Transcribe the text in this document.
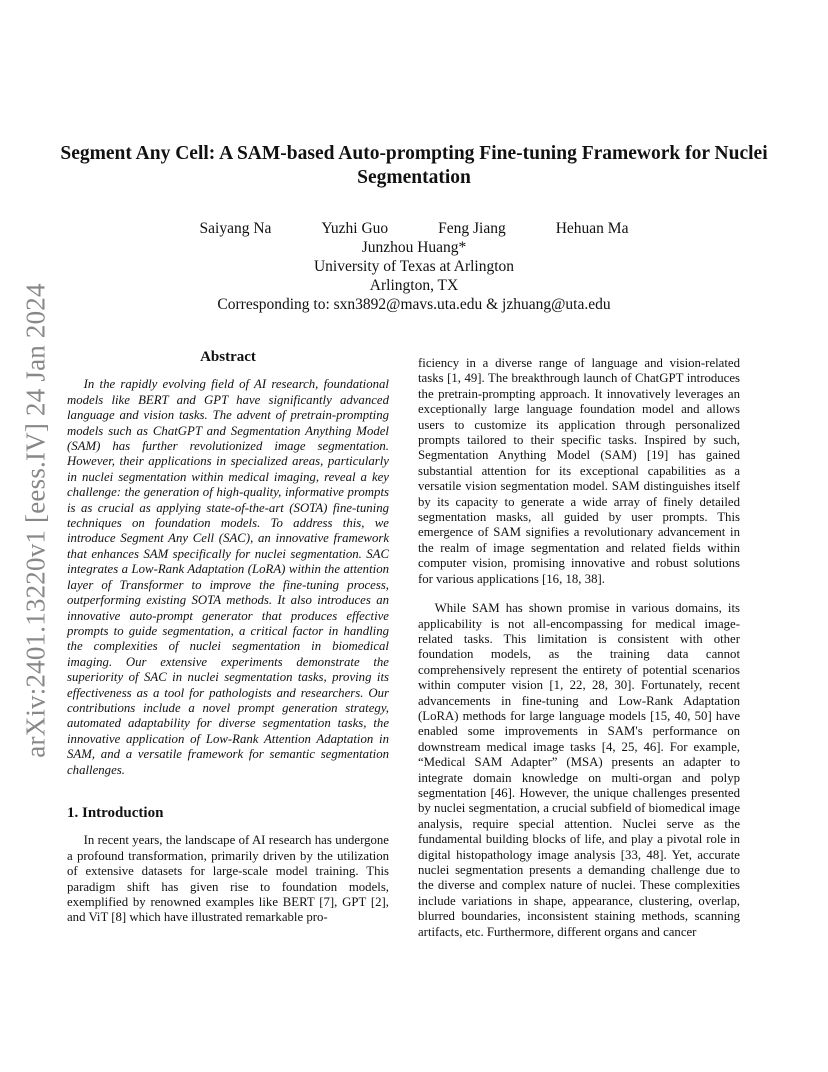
arXiv:2401.13220v1 [eess.IV] 24 Jan 2024
Segment Any Cell: A SAM-based Auto-prompting Fine-tuning Framework for Nuclei Segmentation
Saiyang Na	Yuzhi Guo	Feng Jiang	Hehuan Ma
Junzhou Huang*
University of Texas at Arlington
Arlington, TX
Corresponding to: sxn3892@mavs.uta.edu & jzhuang@uta.edu
Abstract

In the rapidly evolving field of AI research, foundational models like BERT and GPT have significantly advanced language and vision tasks. The advent of pretrain-prompting models such as ChatGPT and Segmentation Anything Model (SAM) has further revolutionized image segmentation. However, their applications in specialized areas, particularly in nuclei segmentation within medical imaging, reveal a key challenge: the generation of high-quality, informative prompts is as crucial as applying state-of-the-art (SOTA) fine-tuning techniques on foundation models. To address this, we introduce Segment Any Cell (SAC), an innovative framework that enhances SAM specifically for nuclei segmentation. SAC integrates a Low-Rank Adaptation (LoRA) within the attention layer of Transformer to improve the fine-tuning process, outperforming existing SOTA methods. It also introduces an innovative auto-prompt generator that produces effective prompts to guide segmentation, a critical factor in handling the complexities of nuclei segmentation in biomedical imaging. Our extensive experiments demonstrate the superiority of SAC in nuclei segmentation tasks, proving its effectiveness as a tool for pathologists and researchers. Our contributions include a novel prompt generation strategy, automated adaptability for diverse segmentation tasks, the innovative application of Low-Rank Attention Adaptation in SAM, and a versatile framework for semantic segmentation challenges.

1. Introduction

In recent years, the landscape of AI research has undergone a profound transformation, primarily driven by the utilization of extensive datasets for large-scale model training. This paradigm shift has given rise to foundation models, exemplified by renowned examples like BERT [7], GPT [2], and ViT [8] which have illustrated remarkable pro-

ficiency in a diverse range of language and vision-related tasks [1, 49]. The breakthrough launch of ChatGPT introduces the pretrain-prompting approach. It innovatively leverages an exceptionally large language foundation model and allows users to customize its application through personalized prompts tailored to their specific tasks. Inspired by such, Segmentation Anything Model (SAM) [19] has gained substantial attention for its exceptional capabilities as a versatile vision segmentation model. SAM distinguishes itself by its capacity to generate a wide array of finely detailed segmentation masks, all guided by user prompts. This emergence of SAM signifies a revolutionary advancement in the realm of image segmentation and related fields within computer vision, promising innovative and robust solutions for various applications [16, 18, 38].

While SAM has shown promise in various domains, its applicability is not all-encompassing for medical image-related tasks. This limitation is consistent with other foundation models, as the training data cannot comprehensively represent the entirety of potential scenarios within computer vision [1, 22, 28, 30]. Fortunately, recent advancements in fine-tuning and Low-Rank Adaptation (LoRA) methods for large language models [15, 40, 50] have enabled some improvements in SAM's performance on downstream medical image tasks [4, 25, 46]. For example, “Medical SAM Adapter” (MSA) presents an adapter to integrate domain knowledge on multi-organ and polyp segmentation [46]. However, the unique challenges presented by nuclei segmentation, a crucial subfield of biomedical image analysis, require special attention. Nuclei serve as the fundamental building blocks of life, and play a pivotal role in digital histopathology image analysis [33, 48]. Yet, accurate nuclei segmentation presents a demanding challenge due to the diverse and complex nature of nuclei. These complexities include variations in shape, appearance, clustering, overlap, blurred boundaries, inconsistent staining methods, scanning artifacts, etc. Furthermore, different organs and cancer
